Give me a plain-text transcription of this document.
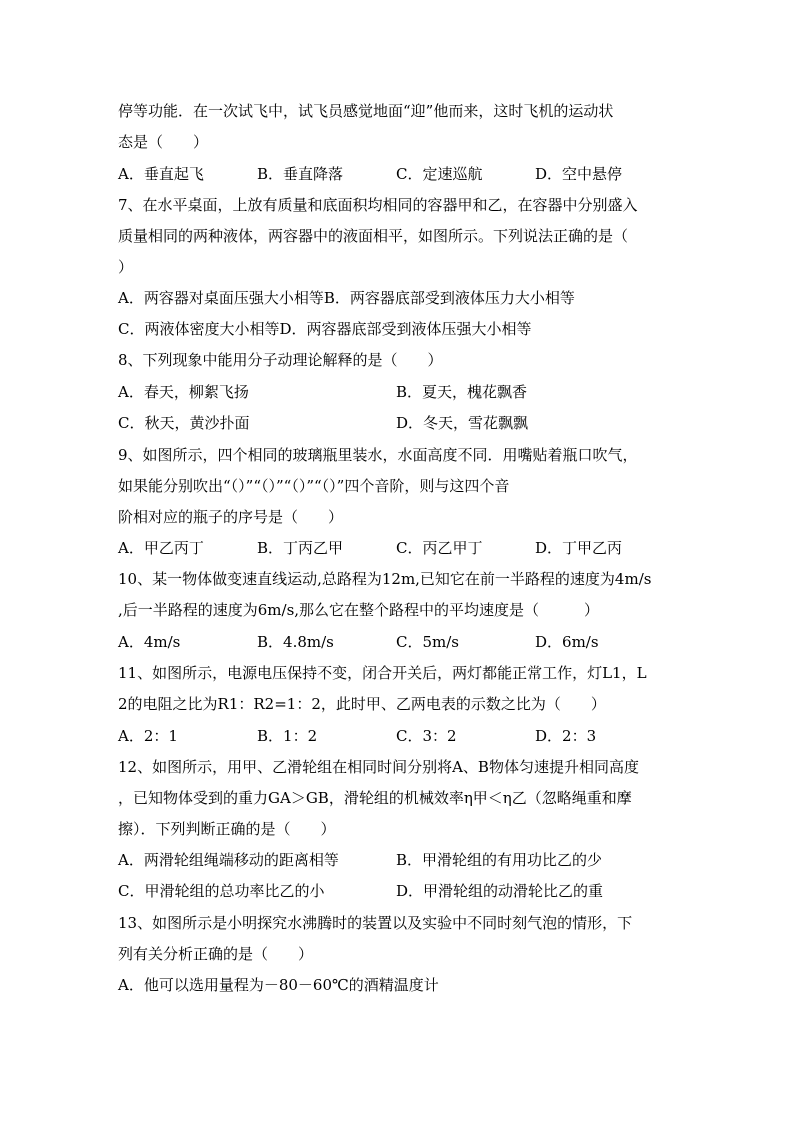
停等功能．在一次试飞中，试飞员感觉地面“迎”他而来，这时飞机的运动状
态是（　　）
A．垂直起飞	B．垂直降落	C．定速巡航	D．空中悬停
7、在水平桌面，上放有质量和底面积均相同的容器甲和乙，在容器中分别盛入
质量相同的两种液体，两容器中的液面相平，如图所示。下列说法正确的是（
）
A．两容器对桌面压强大小相等B．两容器底部受到液体压力大小相等
C．两液体密度大小相等D．两容器底部受到液体压强大小相等
8、下列现象中能用分子动理论解释的是（　　）
A．春天，柳絮飞扬	B．夏天，槐花飘香
C．秋天，黄沙扑面	D．冬天，雪花飘飘
9、如图所示，四个相同的玻璃瓶里装水，水面高度不同．用嘴贴着瓶口吹气，
如果能分别吹出“（）”“（）”“（）”“（）”四个音阶，则与这四个音
阶相对应的瓶子的序号是（　　）
A．甲乙丙丁	B．丁丙乙甲	C．丙乙甲丁	D．丁甲乙丙
10、某一物体做变速直线运动,总路程为12m,已知它在前一半路程的速度为4m/s
,后一半路程的速度为6m/s,那么它在整个路程中的平均速度是（　　　）
A．4m/s	B．4.8m/s	C．5m/s	D．6m/s
11、如图所示，电源电压保持不变，闭合开关后，两灯都能正常工作，灯L1，L
2的电阻之比为R1：R2=1：2，此时甲、乙两电表的示数之比为（　　）
A．2：1	B．1：2	C．3：2	D．2：3
12、如图所示，用甲、乙滑轮组在相同时间分别将A、B物体匀速提升相同高度
，已知物体受到的重力GA＞GB，滑轮组的机械效率η甲＜η乙（忽略绳重和摩
擦）．下列判断正确的是（　　）
A．两滑轮组绳端移动的距离相等	B．甲滑轮组的有用功比乙的少
C．甲滑轮组的总功率比乙的小	D．甲滑轮组的动滑轮比乙的重
13、如图所示是小明探究水沸腾时的装置以及实验中不同时刻气泡的情形，下
列有关分析正确的是（　　）
A．他可以选用量程为－80－60℃的酒精温度计
